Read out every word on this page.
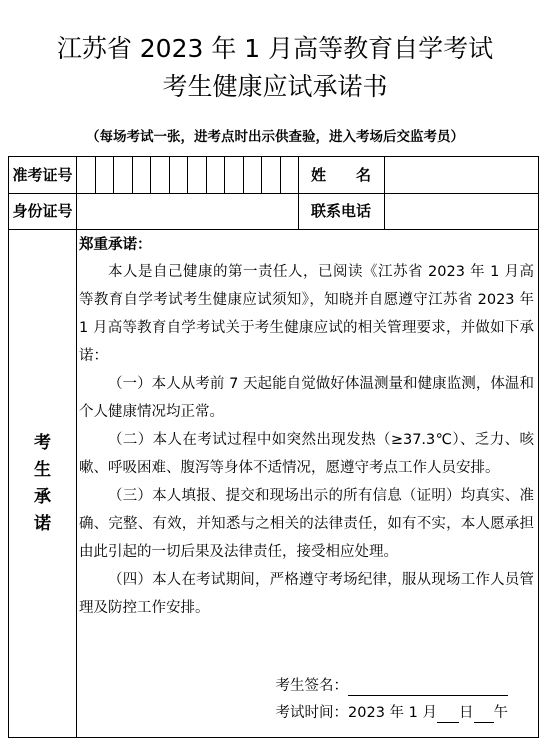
江苏省 2023 年 1 月高等教育自学考试
考生健康应试承诺书
（每场考试一张，进考点时出示供查验，进入考场后交监考员）
准考证号	姓　　名
身份证号	联系电话
考生承诺
郑重承诺：

本人是自己健康的第一责任人，已阅读《江苏省 2023 年 1 月高等教育自学考试考生健康应试须知》，知晓并自愿遵守江苏省 2023 年 1 月高等教育自学考试关于考生健康应试的相关管理要求，并做如下承诺：

（一）本人从考前 7 天起能自觉做好体温测量和健康监测，体温和个人健康情况均正常。

（二）本人在考试过程中如突然出现发热（≥37.3℃）、乏力、咳嗽、呼吸困难、腹泻等身体不适情况，愿遵守考点工作人员安排。

（三）本人填报、提交和现场出示的所有信息（证明）均真实、准确、完整、有效，并知悉与之相关的法律责任，如有不实，本人愿承担由此引起的一切后果及法律责任，接受相应处理。

（四）本人在考试期间，严格遵守考场纪律，服从现场工作人员管理及防控工作安排。

考生签名：
考试时间：2023 年 1 月 日 午
